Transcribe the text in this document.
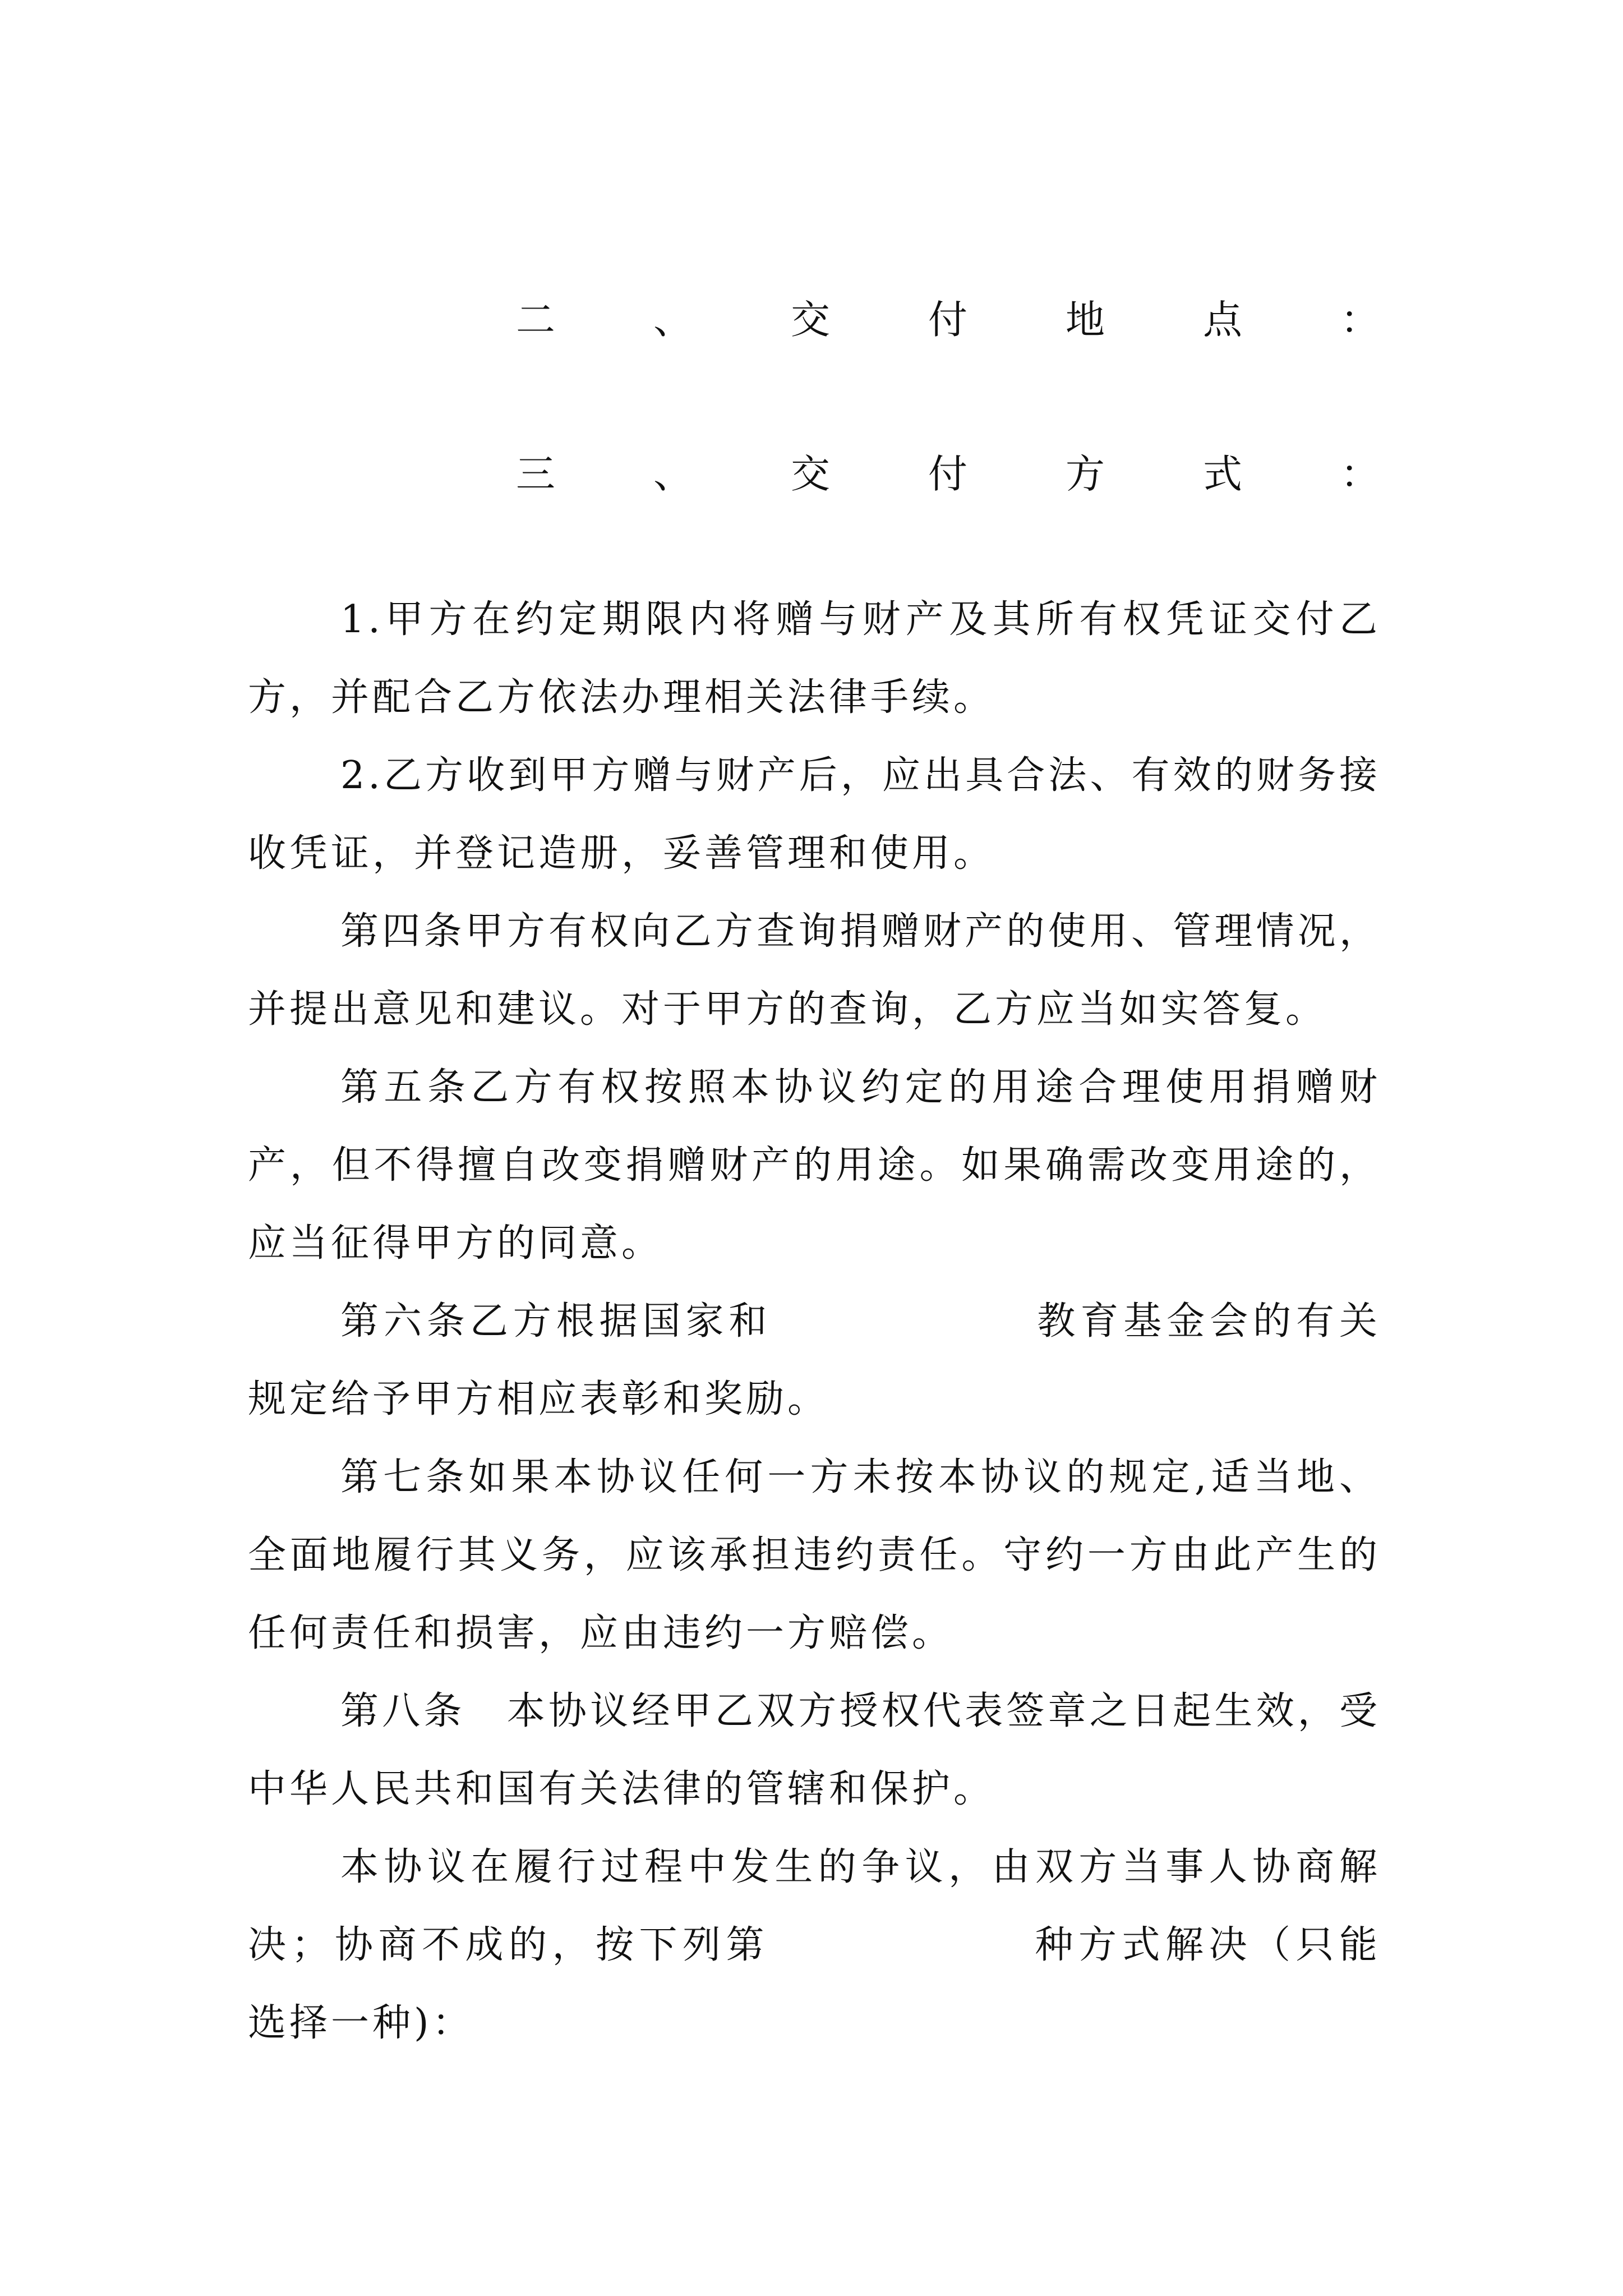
二	、	交	付	地	点	：
三	、	交	付	方	式	：

1.甲方在约定期限内将赠与财产及其所有权凭证交付乙方，并配合乙方依法办理相关法律手续。

2.乙方收到甲方赠与财产后，应出具合法、有效的财务接收凭证，并登记造册，妥善管理和使用。

第四条甲方有权向乙方查询捐赠财产的使用、管理情况，并提出意见和建议。对于甲方的查询，乙方应当如实答复。

第五条乙方有权按照本协议约定的用途合理使用捐赠财产，但不得擅自改变捐赠财产的用途。如果确需改变用途的，应当征得甲方的同意。

第六条乙方根据国家和	教育基金会的有关规定给予甲方相应表彰和奖励。

第七条如果本协议任何一方未按本协议的规定,适当地、全面地履行其义务，应该承担违约责任。守约一方由此产生的任何责任和损害，应由违约一方赔偿。

第八条　本协议经甲乙双方授权代表签章之日起生效，受中华人民共和国有关法律的管辖和保护。

本协议在履行过程中发生的争议，由双方当事人协商解决；协商不成的，按下列第	种方式解决（只能选择一种)：
